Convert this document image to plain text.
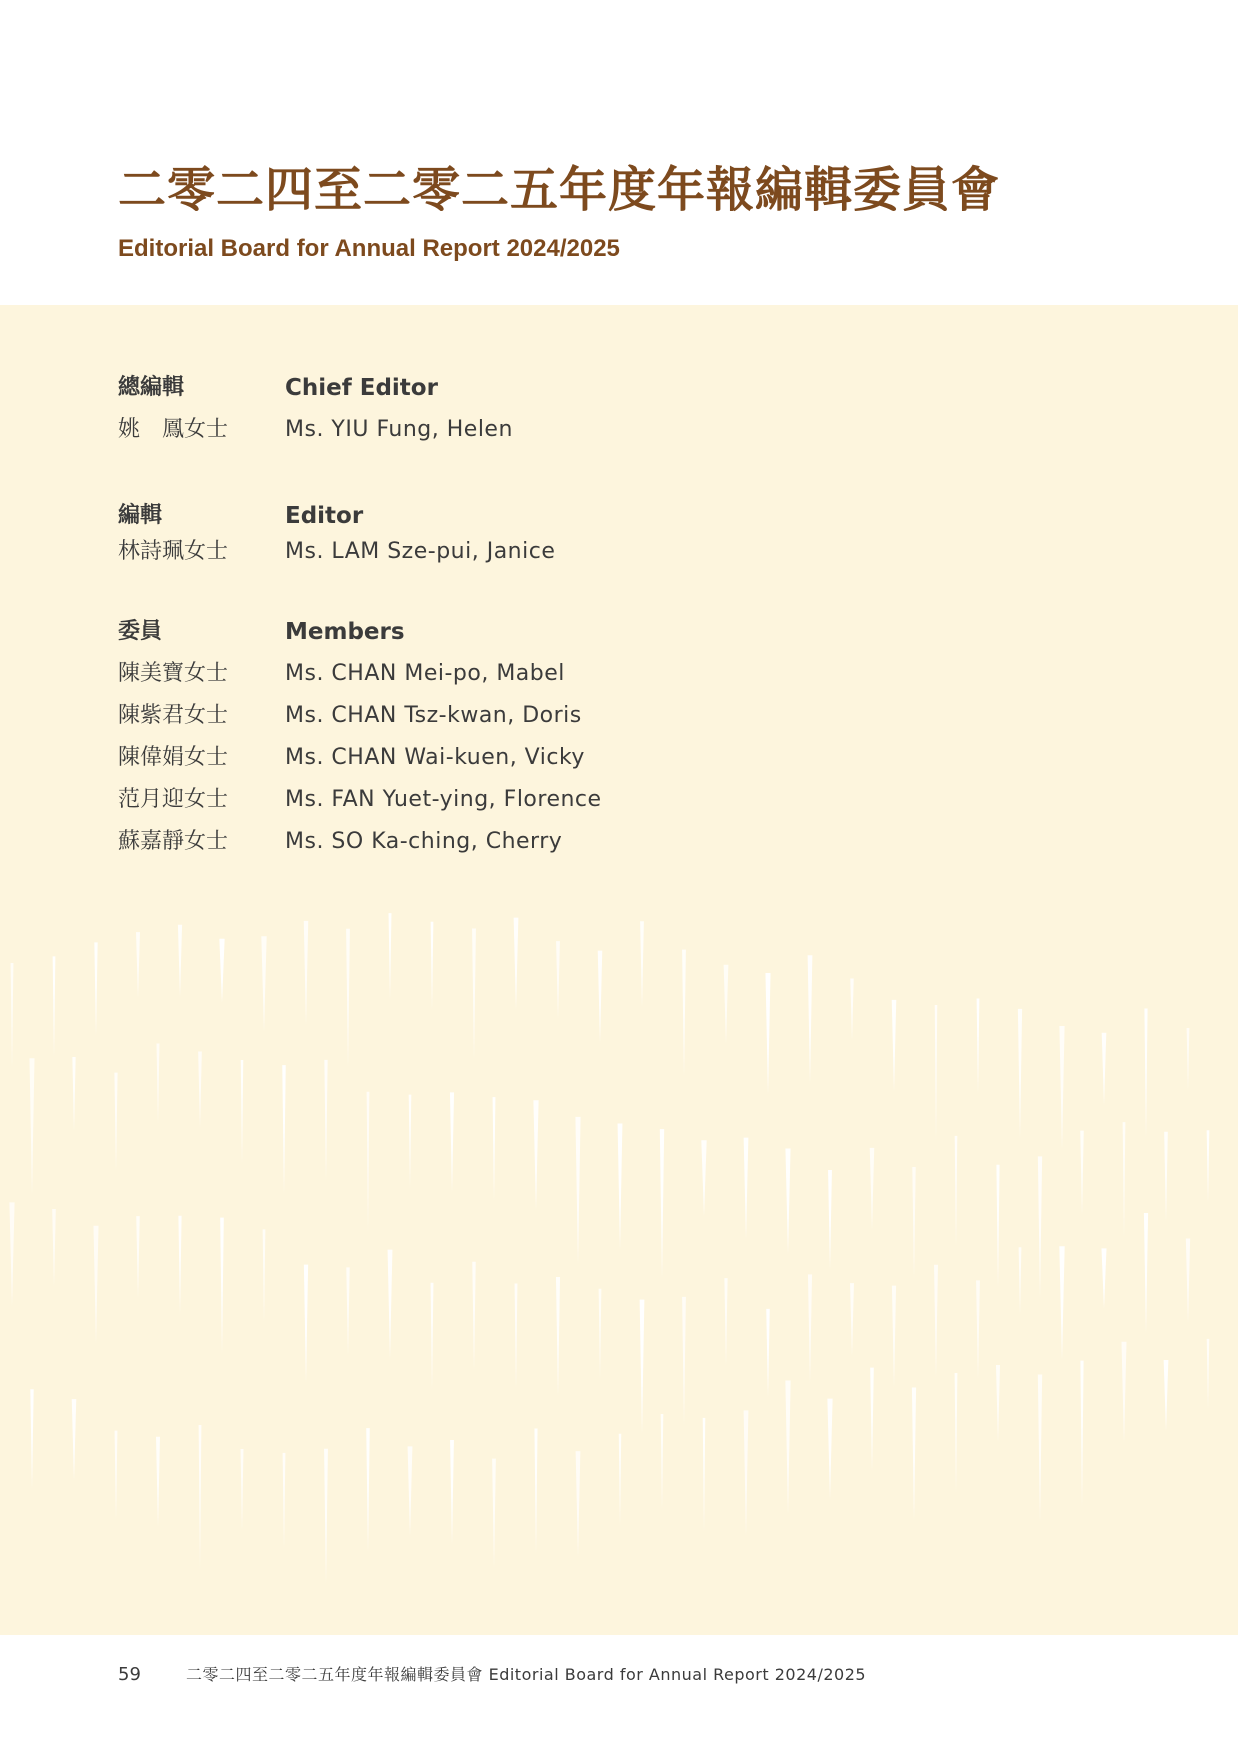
二零二四至二零二五年度年報編輯委員會
Editorial Board for Annual Report 2024/2025
總編輯	Chief Editor
姚　鳳女士	Ms. YIU Fung, Helen
編輯	Editor
林詩珮女士	Ms. LAM Sze-pui, Janice
委員	Members
陳美寶女士	Ms. CHAN Mei-po, Mabel
陳紫君女士	Ms. CHAN Tsz-kwan, Doris
陳偉娟女士	Ms. CHAN Wai-kuen, Vicky
范月迎女士	Ms. FAN Yuet-ying, Florence
蘇嘉靜女士	Ms. SO Ka-ching, Cherry
59	二零二四至二零二五年度年報編輯委員會 Editorial Board for Annual Report 2024/2025
